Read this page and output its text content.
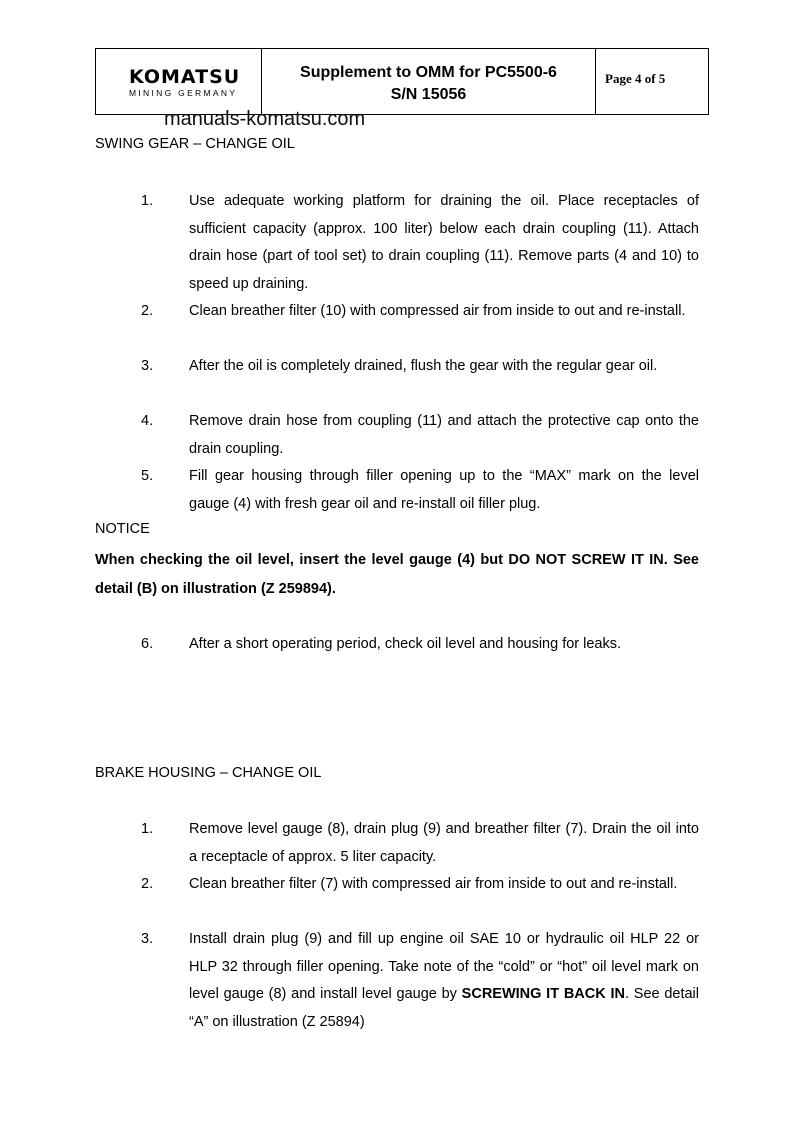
KOMATSU
MINING GERMANY
Supplement to OMM for PC5500-6
S/N 15056
Page 4 of 5
manuals-komatsu.com
SWING GEAR – CHANGE OIL
1.	Use adequate working platform for draining the oil. Place receptacles of sufficient capacity (approx. 100 liter) below each drain coupling (11). Attach drain hose (part of tool set) to drain coupling (11). Remove parts (4 and 10) to speed up draining.
2.	Clean breather filter (10) with compressed air from inside to out and re-install.
3.	After the oil is completely drained, flush the gear with the regular gear oil.
4.	Remove drain hose from coupling (11) and attach the protective cap onto the drain coupling.
5.	Fill gear housing through filler opening up to the “MAX” mark on the level gauge (4) with fresh gear oil and re-install oil filler plug.
NOTICE
When checking the oil level, insert the level gauge (4) but DO NOT SCREW IT IN. See detail (B) on illustration (Z 259894).
6.	After a short operating period, check oil level and housing for leaks.
BRAKE HOUSING – CHANGE OIL
1.	Remove level gauge (8), drain plug (9) and breather filter (7). Drain the oil into a receptacle of approx. 5 liter capacity.
2.	Clean breather filter (7) with compressed air from inside to out and re-install.
3.	Install drain plug (9) and fill up engine oil SAE 10 or hydraulic oil HLP 22 or HLP 32 through filler opening. Take note of the “cold” or “hot” oil level mark on level gauge (8) and install level gauge by SCREWING IT BACK IN. See detail “A” on illustration (Z 25894)
